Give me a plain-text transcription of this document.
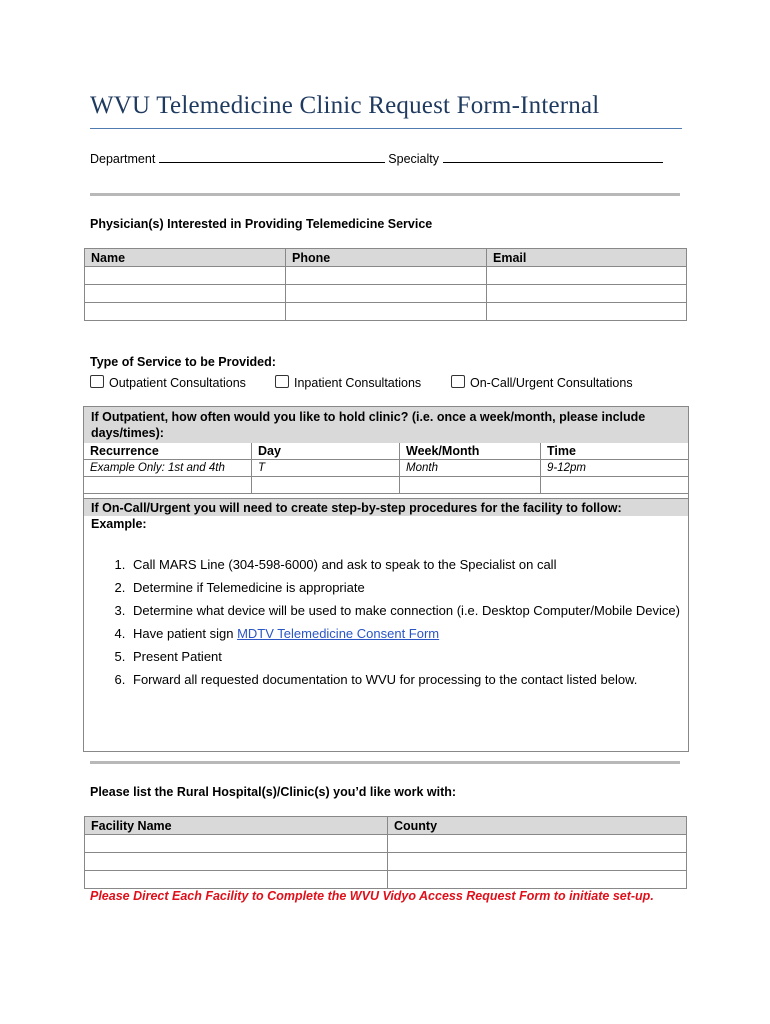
WVU Telemedicine Clinic Request Form-Internal
Department	Specialty
Physician(s) Interested in Providing Telemedicine Service
Name	Phone	Email

Type of Service to be Provided:
Outpatient Consultations	Inpatient Consultations	On-Call/Urgent Consultations
If Outpatient, how often would you like to hold clinic? (i.e. once a week/month, please include days/times):
Recurrence	Day	Week/Month	Time
Example Only: 1st and 4th	T	Month	9-12pm

If On-Call/Urgent you will need to create step-by-step procedures for the facility to follow:
Example:
1. Call MARS Line (304-598-6000) and ask to speak to the Specialist on call
2. Determine if Telemedicine is appropriate
3. Determine what device will be used to make connection (i.e. Desktop Computer/Mobile Device)
4. Have patient sign MDTV Telemedicine Consent Form
5. Present Patient
6. Forward all requested documentation to WVU for processing to the contact listed below.
Please list the Rural Hospital(s)/Clinic(s) you’d like work with:
Facility Name	County

Please Direct Each Facility to Complete the WVU Vidyo Access Request Form to initiate set-up.
